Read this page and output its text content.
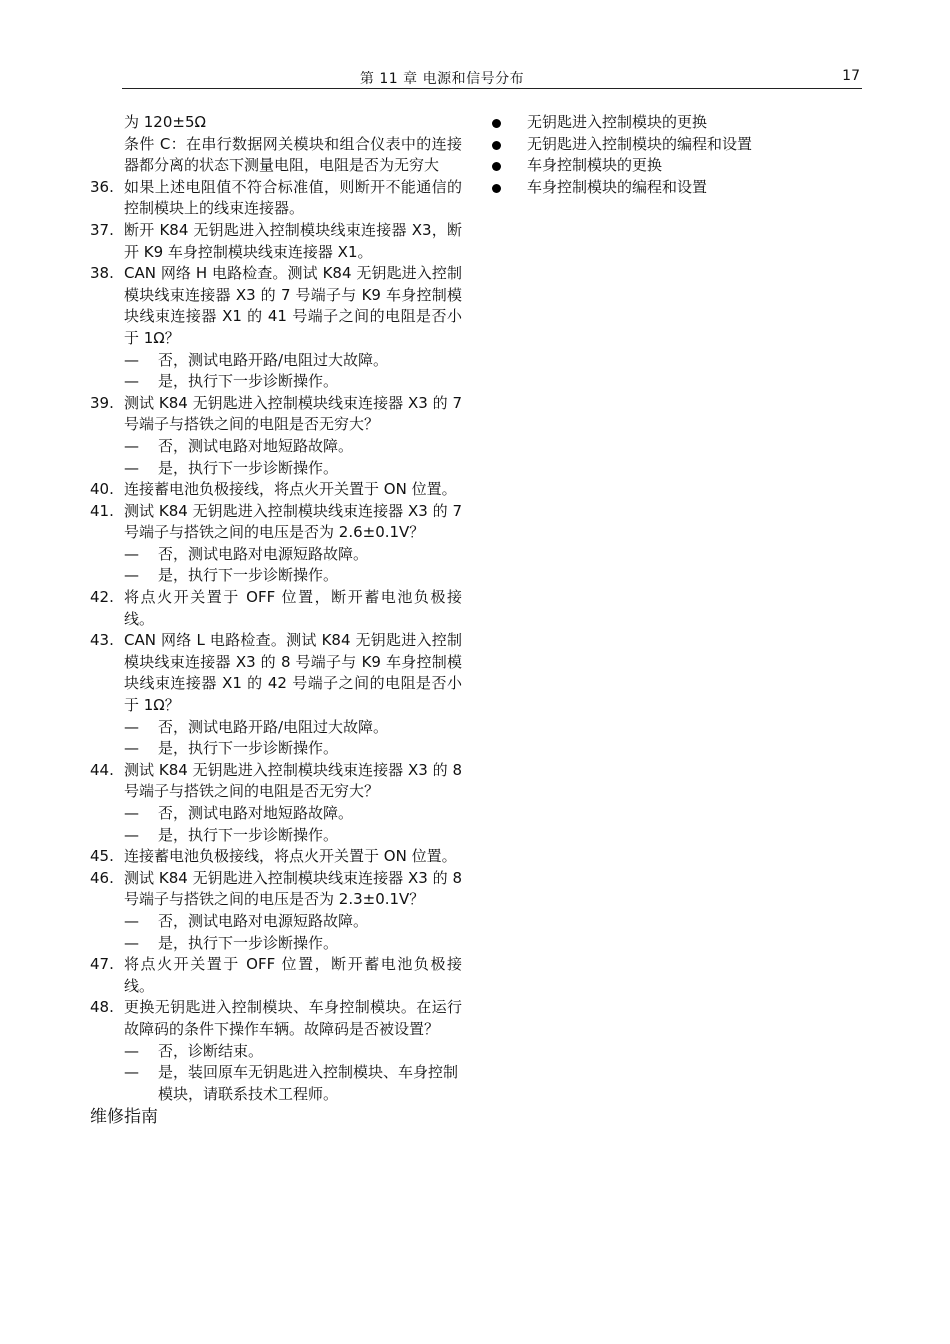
第 11 章 电源和信号分布	17
为 120±5Ω
条件 C：在串行数据网关模块和组合仪表中的连接器都分离的状态下测量电阻，电阻是否为无穷大
36. 如果上述电阻值不符合标准值，则断开不能通信的控制模块上的线束连接器。
37. 断开 K84 无钥匙进入控制模块线束连接器 X3，断开 K9 车身控制模块线束连接器 X1。
38. CAN 网络 H 电路检查。测试 K84 无钥匙进入控制模块线束连接器 X3 的 7 号端子与 K9 车身控制模块线束连接器 X1 的 41 号端子之间的电阻是否小于 1Ω？
— 否，测试电路开路/电阻过大故障。
— 是，执行下一步诊断操作。
39. 测试 K84 无钥匙进入控制模块线束连接器 X3 的 7 号端子与搭铁之间的电阻是否无穷大？
— 否，测试电路对地短路故障。
— 是，执行下一步诊断操作。
40. 连接蓄电池负极接线，将点火开关置于 ON 位置。
41. 测试 K84 无钥匙进入控制模块线束连接器 X3 的 7 号端子与搭铁之间的电压是否为 2.6±0.1V？
— 否，测试电路对电源短路故障。
— 是，执行下一步诊断操作。
42. 将点火开关置于 OFF 位置，断开蓄电池负极接线。
43. CAN 网络 L 电路检查。测试 K84 无钥匙进入控制模块线束连接器 X3 的 8 号端子与 K9 车身控制模块线束连接器 X1 的 42 号端子之间的电阻是否小于 1Ω？
— 否，测试电路开路/电阻过大故障。
— 是，执行下一步诊断操作。
44. 测试 K84 无钥匙进入控制模块线束连接器 X3 的 8 号端子与搭铁之间的电阻是否无穷大？
— 否，测试电路对地短路故障。
— 是，执行下一步诊断操作。
45. 连接蓄电池负极接线，将点火开关置于 ON 位置。
46. 测试 K84 无钥匙进入控制模块线束连接器 X3 的 8 号端子与搭铁之间的电压是否为 2.3±0.1V？
— 否，测试电路对电源短路故障。
— 是，执行下一步诊断操作。
47. 将点火开关置于 OFF 位置，断开蓄电池负极接线。
48. 更换无钥匙进入控制模块、车身控制模块。在运行故障码的条件下操作车辆。故障码是否被设置？
— 否，诊断结束。
— 是，装回原车无钥匙进入控制模块、车身控制模块，请联系技术工程师。
维修指南
无钥匙进入控制模块的更换
无钥匙进入控制模块的编程和设置
车身控制模块的更换
车身控制模块的编程和设置
